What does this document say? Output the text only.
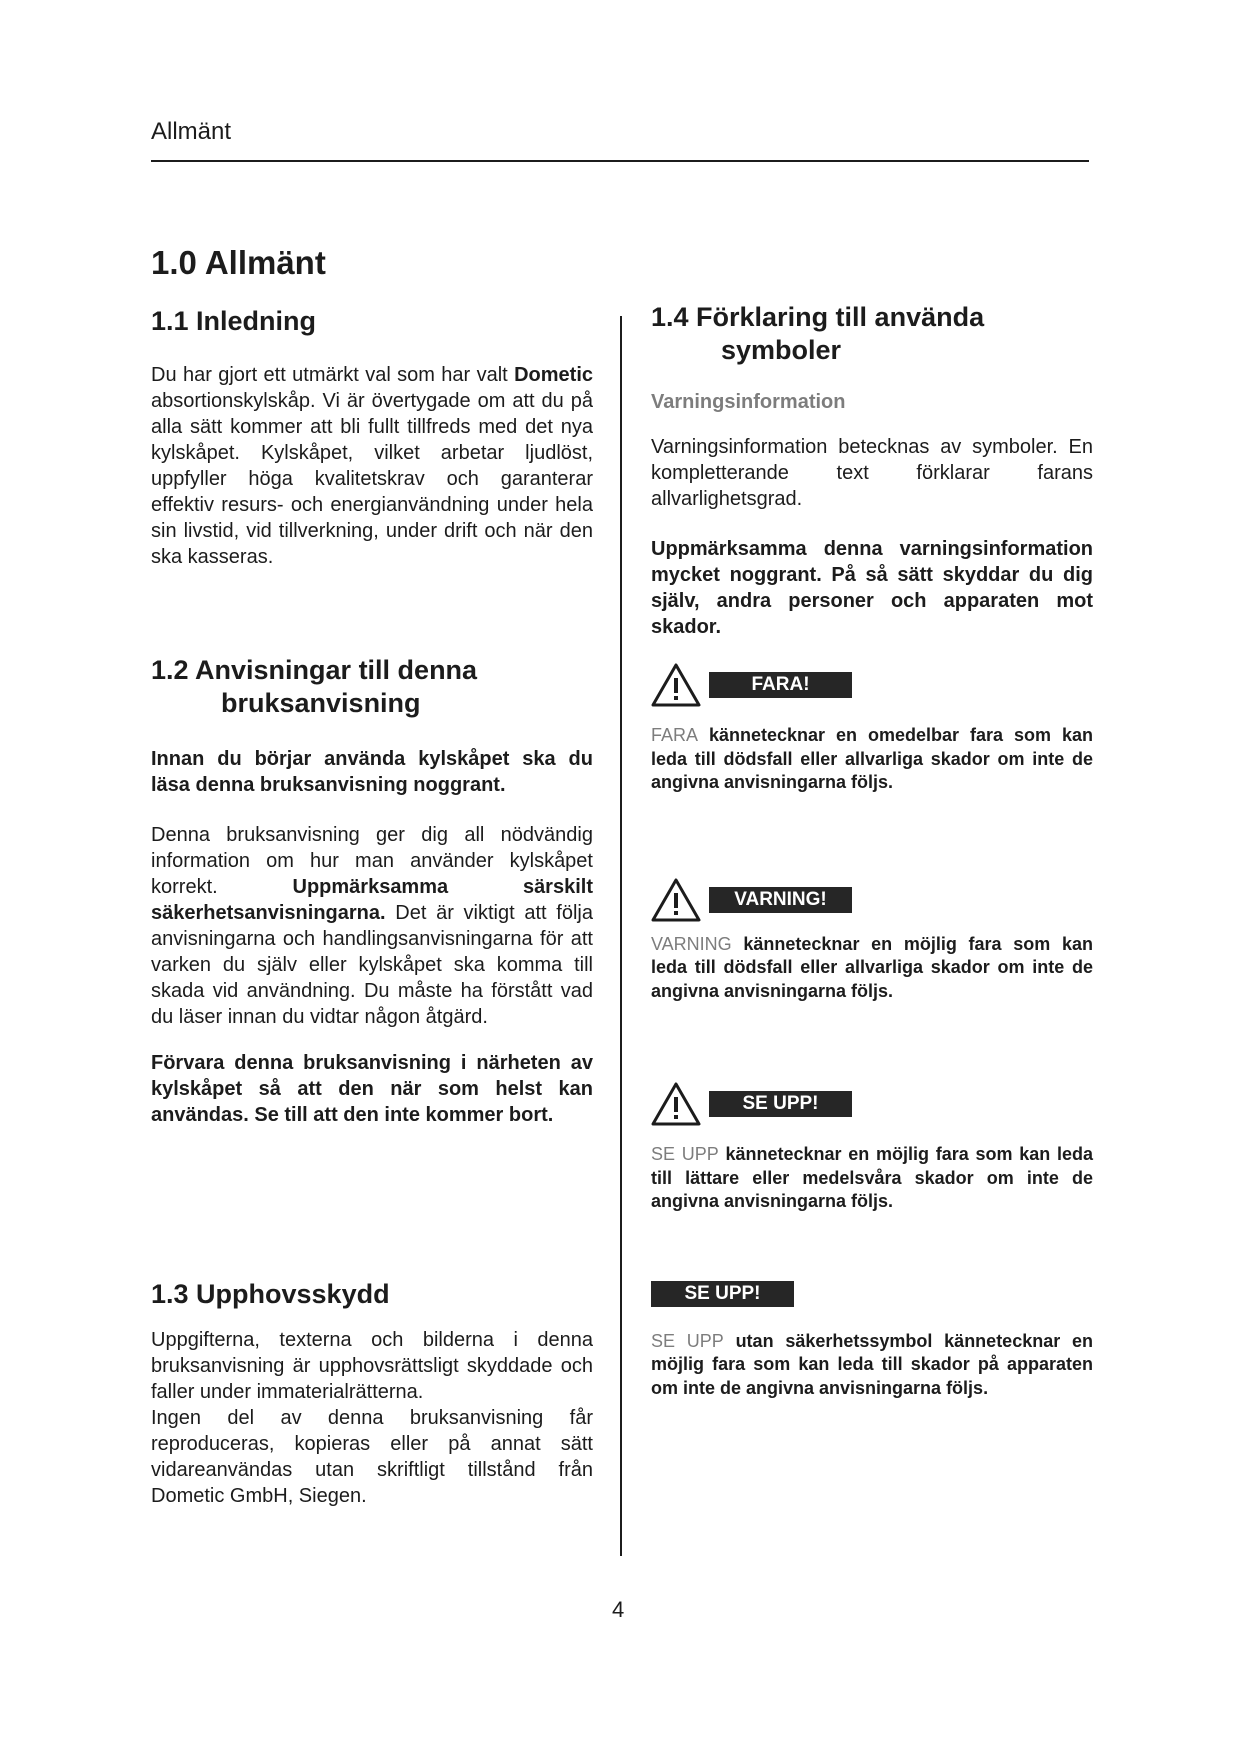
Allmänt
1.0 Allmänt
1.1 Inledning

Du har gjort ett utmärkt val som har valt Dometic absortionskylskåp. Vi är övertygade om att du på alla sätt kommer att bli fullt tillfreds med det nya kylskåpet. Kylskåpet, vilket arbetar ljudlöst, uppfyller höga kvalitetskrav och garanterar effektiv resurs- och energianvändning under hela sin livstid, vid tillverkning, under drift och när den ska kasseras.

1.2 Anvisningar till denna
bruksanvisning

Innan du börjar använda kylskåpet ska du läsa denna bruksanvisning noggrant.

Denna bruksanvisning ger dig all nödvändig information om hur man använder kylskåpet korrekt. Uppmärksamma särskilt säkerhetsanvisningarna. Det är viktigt att följa anvisningarna och handlingsanvisningarna för att varken du själv eller kylskåpet ska komma till skada vid användning. Du måste ha förstått vad du läser innan du vidtar någon åtgärd.

Förvara denna bruksanvisning i närheten av kylskåpet så att den när som helst kan användas. Se till att den inte kommer bort.

1.3 Upphovsskydd

Uppgifterna, texterna och bilderna i denna bruksanvisning är upphovsrättsligt skyddade och faller under immaterialrätterna.

Ingen del av denna bruksanvisning får reproduceras, kopieras eller på annat sätt vidareanvändas utan skriftligt tillstånd från Dometic GmbH, Siegen.

1.4 Förklaring till använda
symboler
Varningsinformation

Varningsinformation betecknas av symboler. En kompletterande text förklarar farans allvarlighetsgrad.

Uppmärksamma denna varningsinformation mycket noggrant. På så sätt skyddar du dig själv, andra personer och apparaten mot skador.

FARA!
FARA kännetecknar en omedelbar fara som kan leda till dödsfall eller allvarliga skador om inte de angivna anvisningarna följs.
VARNING!
VARNING kännetecknar en möjlig fara som kan leda till dödsfall eller allvarliga skador om inte de angivna anvisningarna följs.
SE UPP!
SE UPP kännetecknar en möjlig fara som kan leda till lättare eller medelsvåra skador om inte de angivna anvisningarna följs.
SE UPP!
SE UPP utan säkerhetssymbol kännetecknar en möjlig fara som kan leda till skador på apparaten om inte de angivna anvisningarna följs.
4
